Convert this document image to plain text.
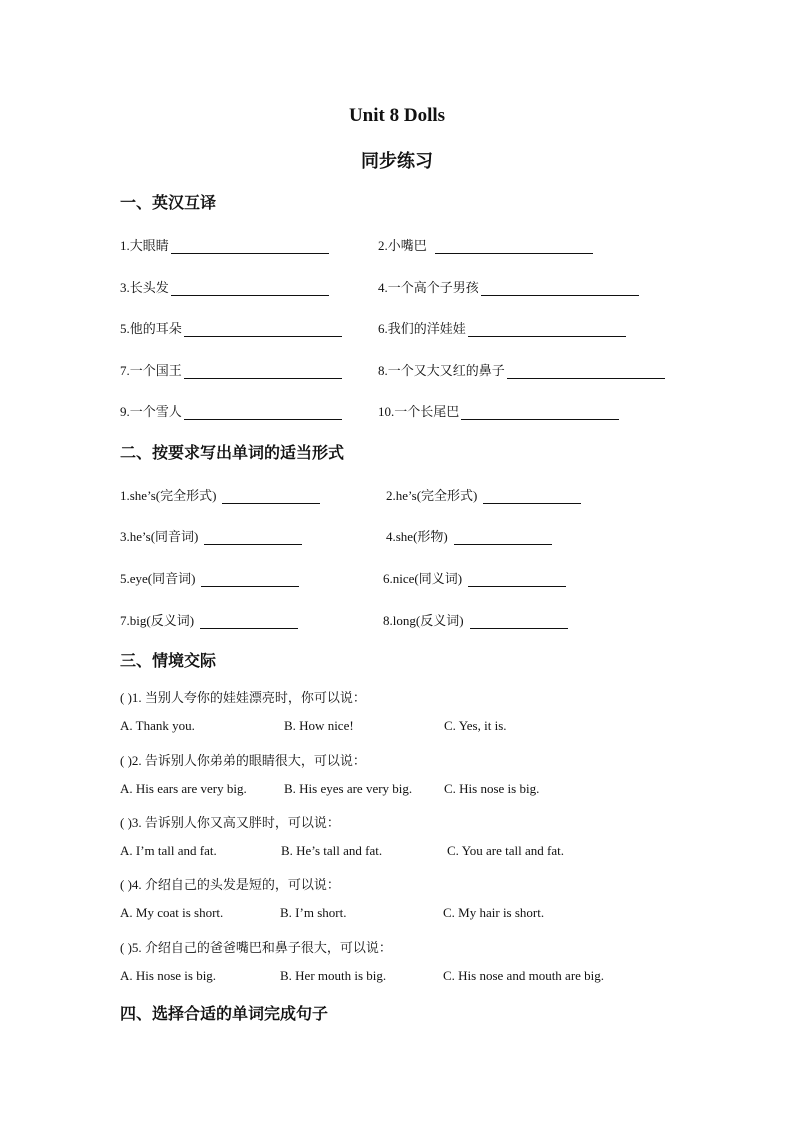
Unit 8 Dolls
同步练习
一、英汉互译
1.大眼睛	2.小嘴巴
3.长头发	4.一个高个子男孩
5.他的耳朵	6.我们的洋娃娃
7.一个国王	8.一个又大又红的鼻子
9.一个雪人	10.一个长尾巴
二、按要求写出单词的适当形式
1.she’s(完全形式)	2.he’s(完全形式)
3.he’s(同音词)	4.she(形物)
5.eye(同音词)	6.nice(同义词)
7.big(反义词)	8.long(反义词)
三、情境交际
( )1. 当别人夸你的娃娃漂亮时，你可以说：
A. Thank you.	B. How nice!	C. Yes, it is.
( )2. 告诉别人你弟弟的眼睛很大，可以说：
A. His ears are very big.	B. His eyes are very big. C. His nose is big.
( )3. 告诉别人你又高又胖时，可以说：
A. I’m tall and fat.	B. He’s tall and fat.	C. You are tall and fat.
( )4. 介绍自己的头发是短的，可以说：
A. My coat is short.	B. I’m short.	C. My hair is short.
( )5. 介绍自己的爸爸嘴巴和鼻子很大，可以说：
A. His nose is big.	B. Her mouth is big.	C. His nose and mouth are big.
四、选择合适的单词完成句子
